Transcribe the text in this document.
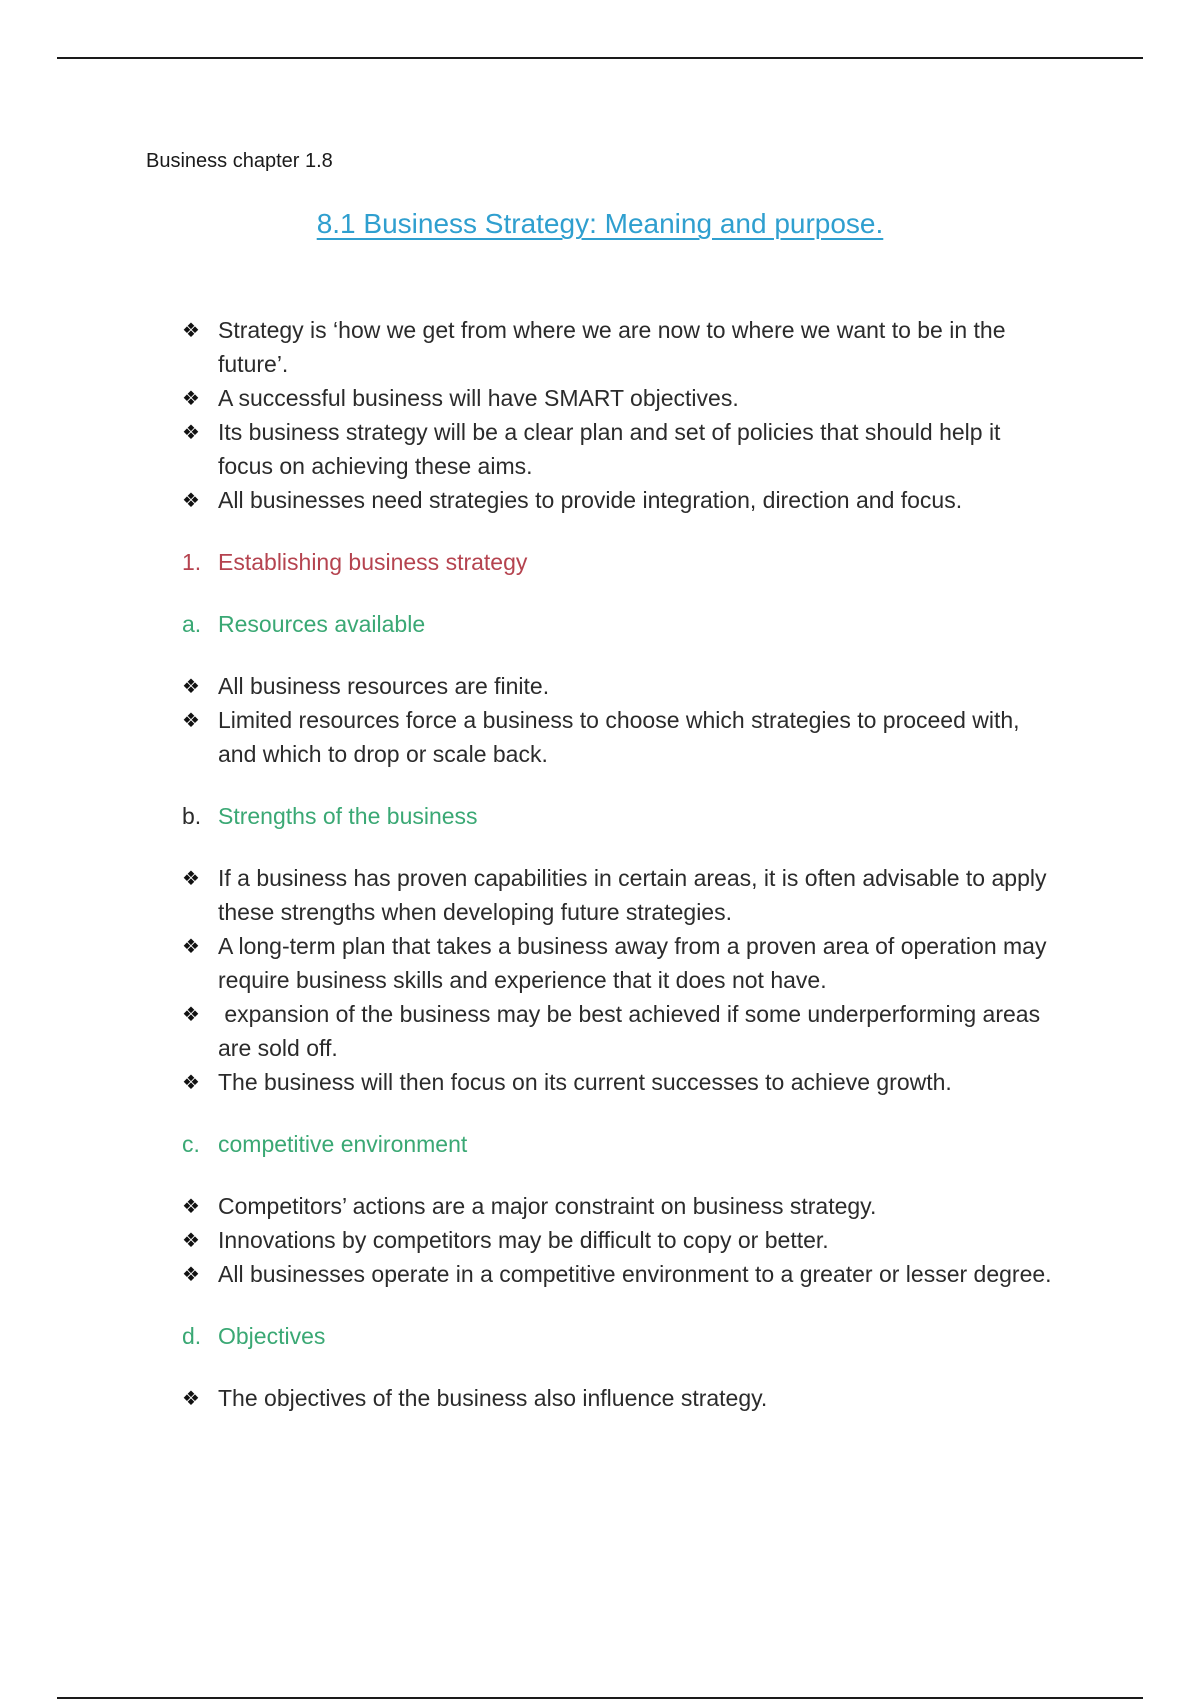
Business chapter 1.8

8.1 Business Strategy: Meaning and purpose.
❖ Strategy is ‘how we get from where we are now to where we want to be in the future’.
❖ A successful business will have SMART objectives.
❖ Its business strategy will be a clear plan and set of policies that should help it focus on achieving these aims.
❖ All businesses need strategies to provide integration, direction and focus.
1. Establishing business strategy
a. Resources available
❖ All business resources are finite.
❖ Limited resources force a business to choose which strategies to proceed with, and which to drop or scale back.
b. Strengths of the business
❖ If a business has proven capabilities in certain areas, it is often advisable to apply these strengths when developing future strategies.
❖ A long-term plan that takes a business away from a proven area of operation may require business skills and experience that it does not have.
❖ expansion of the business may be best achieved if some underperforming areas are sold off.
❖ The business will then focus on its current successes to achieve growth.
c. competitive environment
❖ Competitors’ actions are a major constraint on business strategy.
❖ Innovations by competitors may be difficult to copy or better.
❖ All businesses operate in a competitive environment to a greater or lesser degree.
d. Objectives
❖ The objectives of the business also influence strategy.
